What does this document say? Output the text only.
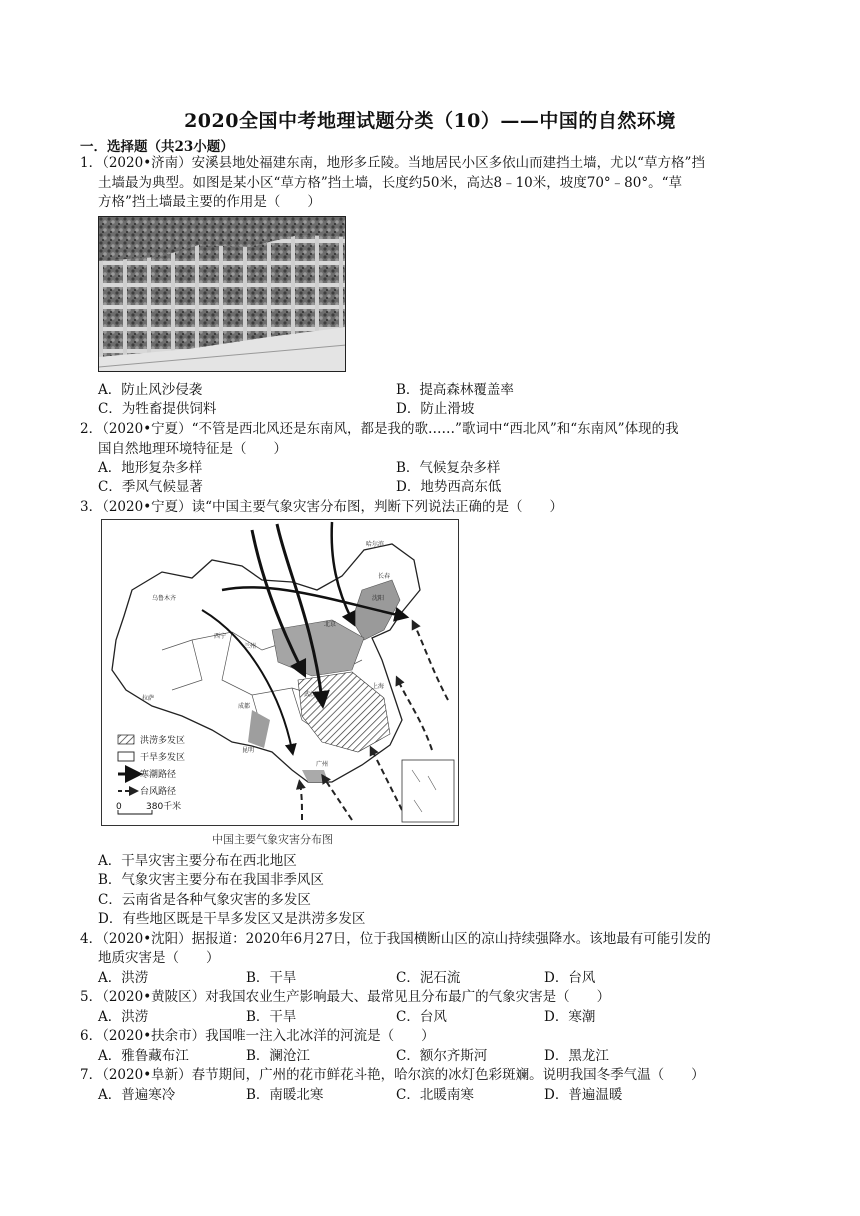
2020全国中考地理试题分类（10）——中国的自然环境
一．选择题（共23小题）
1．（2020•济南）安溪县地处福建东南，地形多丘陵。当地居民小区多依山而建挡土墙，尤以“草方格”挡
土墙最为典型。如图是某小区“草方格”挡土墙，长度约50米，高达8﹣10米，坡度70°﹣80°。“草
方格”挡土墙最主要的作用是（　　）
A．防止风沙侵袭	B．提高森林覆盖率
C．为牲畜提供饲料	D．防止滑坡
2．（2020•宁夏）“不管是西北风还是东南风，都是我的歌……”歌词中“西北风”和“东南风”体现的我
国自然地理环境特征是（　　）
A．地形复杂多样	B．气候复杂多样
C．季风气候显著	D．地势西高东低
3．（2020•宁夏）读“中国主要气象灾害分布图，判断下列说法正确的是（　　）
哈尔滨
乌鲁木齐
北京
拉萨
成都
武汉
上海
广州
昆明
西宁
兰州
长春
沈阳
洪涝多发区
干旱多发区
寒潮路径
台风路径
0	380千米
中国主要气象灾害分布图
A．干旱灾害主要分布在西北地区
B．气象灾害主要分布在我国非季风区
C．云南省是各种气象灾害的多发区
D．有些地区既是干旱多发区又是洪涝多发区
4．（2020•沈阳）据报道：2020年6月27日，位于我国横断山区的凉山持续强降水。该地最有可能引发的
地质灾害是（　　）
A．洪涝	B．干旱	C．泥石流	D．台风
5．（2020•黄陂区）对我国农业生产影响最大、最常见且分布最广的气象灾害是（　　）
A．洪涝	B．干旱	C．台风	D．寒潮
6．（2020•扶余市）我国唯一注入北冰洋的河流是（　　）
A．雅鲁藏布江	B．澜沧江	C．额尔齐斯河	D．黑龙江
7．（2020•阜新）春节期间，广州的花市鲜花斗艳，哈尔滨的冰灯色彩斑斓。说明我国冬季气温（　　）
A．普遍寒冷	B．南暖北寒	C．北暖南寒	D．普遍温暖
